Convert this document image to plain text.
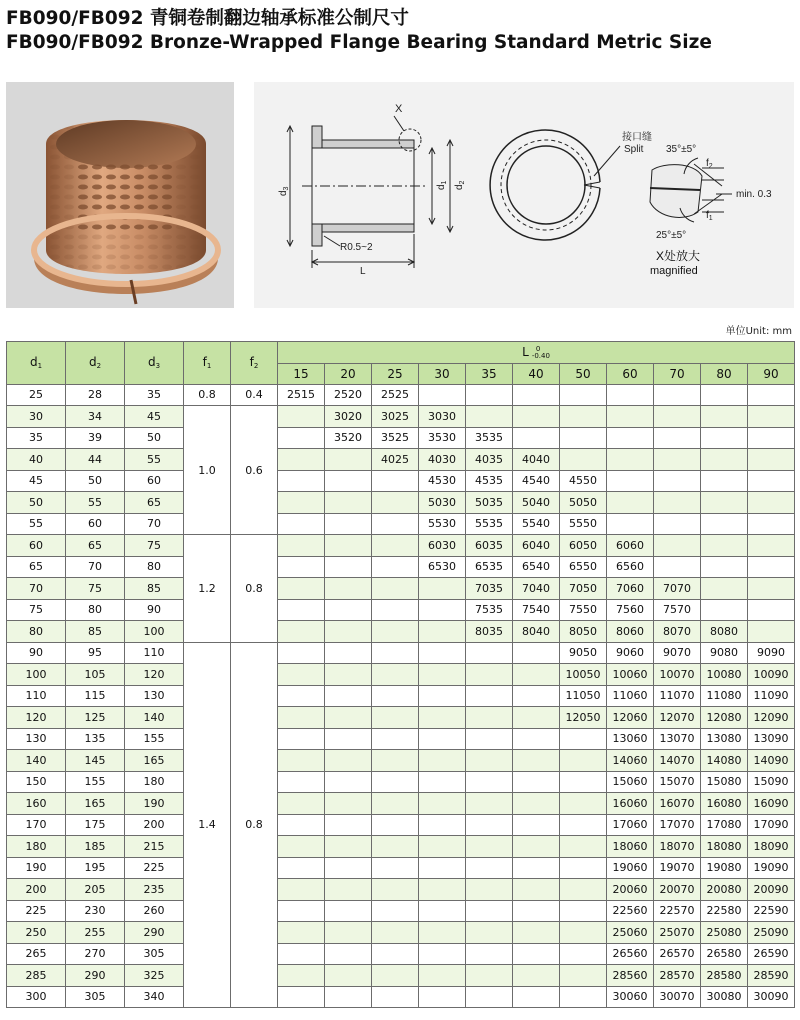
FB090/FB092 青铜卷制翻边轴承标准公制尺寸
FB090/FB092 Bronze-Wrapped Flange Bearing Standard Metric Size
X
$d_3$	$d_1$
$d_2$
R0.5~2
L
接口缝
Split 35°±5°
25°±5°
$f_2$
$f_1$
min. 0.3
X处放大
magnified
单位Unit: mm
$d_1$	$d_2$	$d_3$	$f_1$	$f_2$	L 0
-0.40										

					15	20	25	30	35	40	50	60	70	80	90
25	28	35	0.8	0.4	2515	2520	2525								
30	34	45	1.0	0.6		3020	3025	3030							
35	39	50				3520	3525	3530	3535						
40	44	55					4025	4030	4035	4040					
45	50	60						4530	4535	4540	4550				
50	55	65						5030	5035	5040	5050				
55	60	70						5530	5535	5540	5550				
60	65	75	1.2	0.8				6030	6035	6040	6050	6060			
65	70	80						6530	6535	6540	6550	6560			
70	75	85							7035	7040	7050	7060	7070		
75	80	90							7535	7540	7550	7560	7570		
80	85	100							8035	8040	8050	8060	8070	8080	
90	95	110	1.4	0.8							9050	9060	9070	9080	9090
100	105	120									10050	10060	10070	10080	10090
110	115	130									11050	11060	11070	11080	11090
120	125	140									12050	12060	12070	12080	12090
130	135	155										13060	13070	13080	13090
140	145	165										14060	14070	14080	14090
150	155	180										15060	15070	15080	15090
160	165	190										16060	16070	16080	16090
170	175	200										17060	17070	17080	17090
180	185	215										18060	18070	18080	18090
190	195	225										19060	19070	19080	19090
200	205	235										20060	20070	20080	20090
225	230	260										22560	22570	22580	22590
250	255	290										25060	25070	25080	25090
265	270	305										26560	26570	26580	26590
285	290	325										28560	28570	28580	28590
300	305	340										30060	30070	30080	30090
